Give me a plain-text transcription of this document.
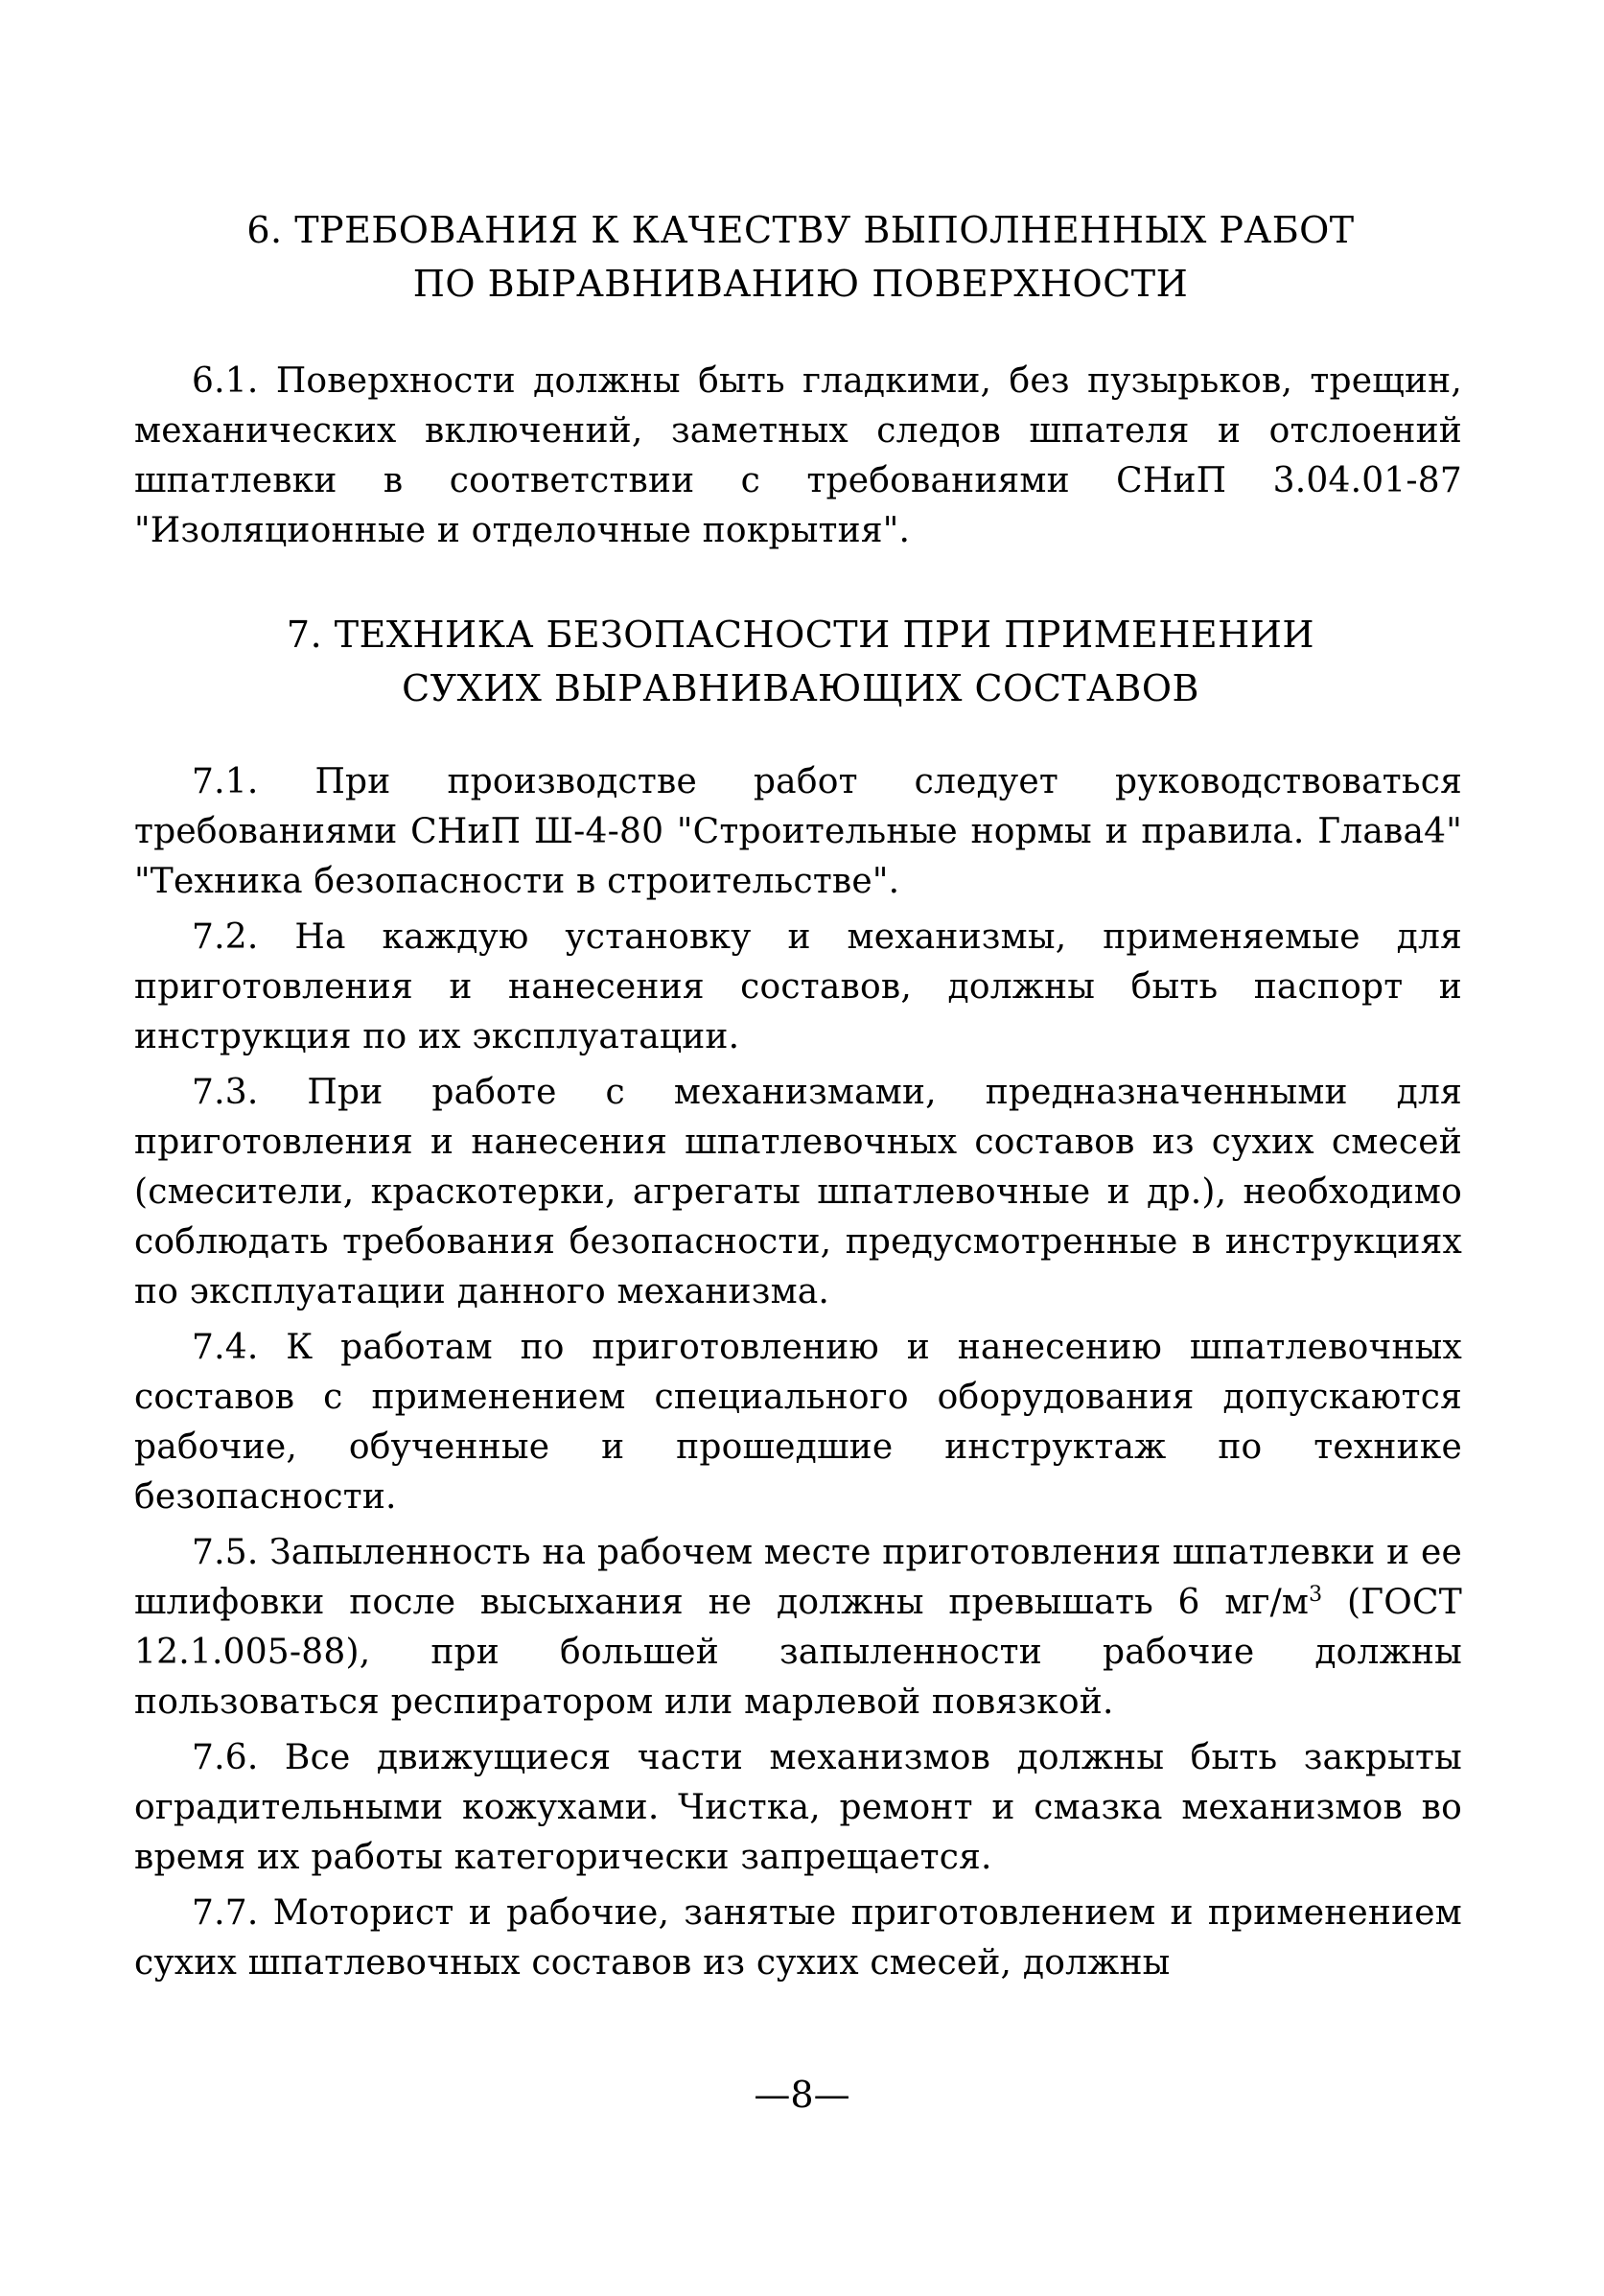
6. ТРЕБОВАНИЯ К КАЧЕСТВУ ВЫПОЛНЕННЫХ РАБОТ
ПО ВЫРАВНИВАНИЮ ПОВЕРХНОСТИ

6.1. Поверхности должны быть гладкими, без пузырьков, трещин, механических включений, заметных следов шпателя и отслоений шпатлевки в соответствии с требованиями СНиП 3.04.01-87 "Изоляционные и отделочные покрытия".

7. ТЕХНИКА БЕЗОПАСНОСТИ ПРИ ПРИМЕНЕНИИ
СУХИХ ВЫРАВНИВАЮЩИХ СОСТАВОВ

7.1. При производстве работ следует руководствоваться требованиями СНиП Ш-4-80 "Строительные нормы и правила. Глава4" "Техника безопасности в строительстве".

7.2. На каждую установку и механизмы, применяемые для приготовления и нанесения составов, должны быть паспорт и инструкция по их эксплуатации.

7.3. При работе с механизмами, предназначенными для приготовления и нанесения шпатлевочных составов из сухих смесей (смесители, краскотерки, агрегаты шпатлевочные и др.), необходимо соблюдать требования безопасности, предусмотренные в инструкциях по эксплуатации данного механизма.

7.4. К работам по приготовлению и нанесению шпатлевочных составов с применением специального оборудования допускаются рабочие, обученные и прошедшие инструктаж по технике безопасности.

7.5. Запыленность на рабочем месте приготовления шпатлевки и ее шлифовки после высыхания не должны превышать 6 $мг/м^3$ (ГОСТ 12.1.005-88), при большей запыленности рабочие должны пользоваться респиратором или марлевой повязкой.

7.6. Все движущиеся части механизмов должны быть закрыты оградительными кожухами. Чистка, ремонт и смазка механизмов во время их работы категорически запрещается.

7.7. Моторист и рабочие, занятые приготовлением и применением сухих шпатлевочных составов из сухих смесей, должны

—8—
